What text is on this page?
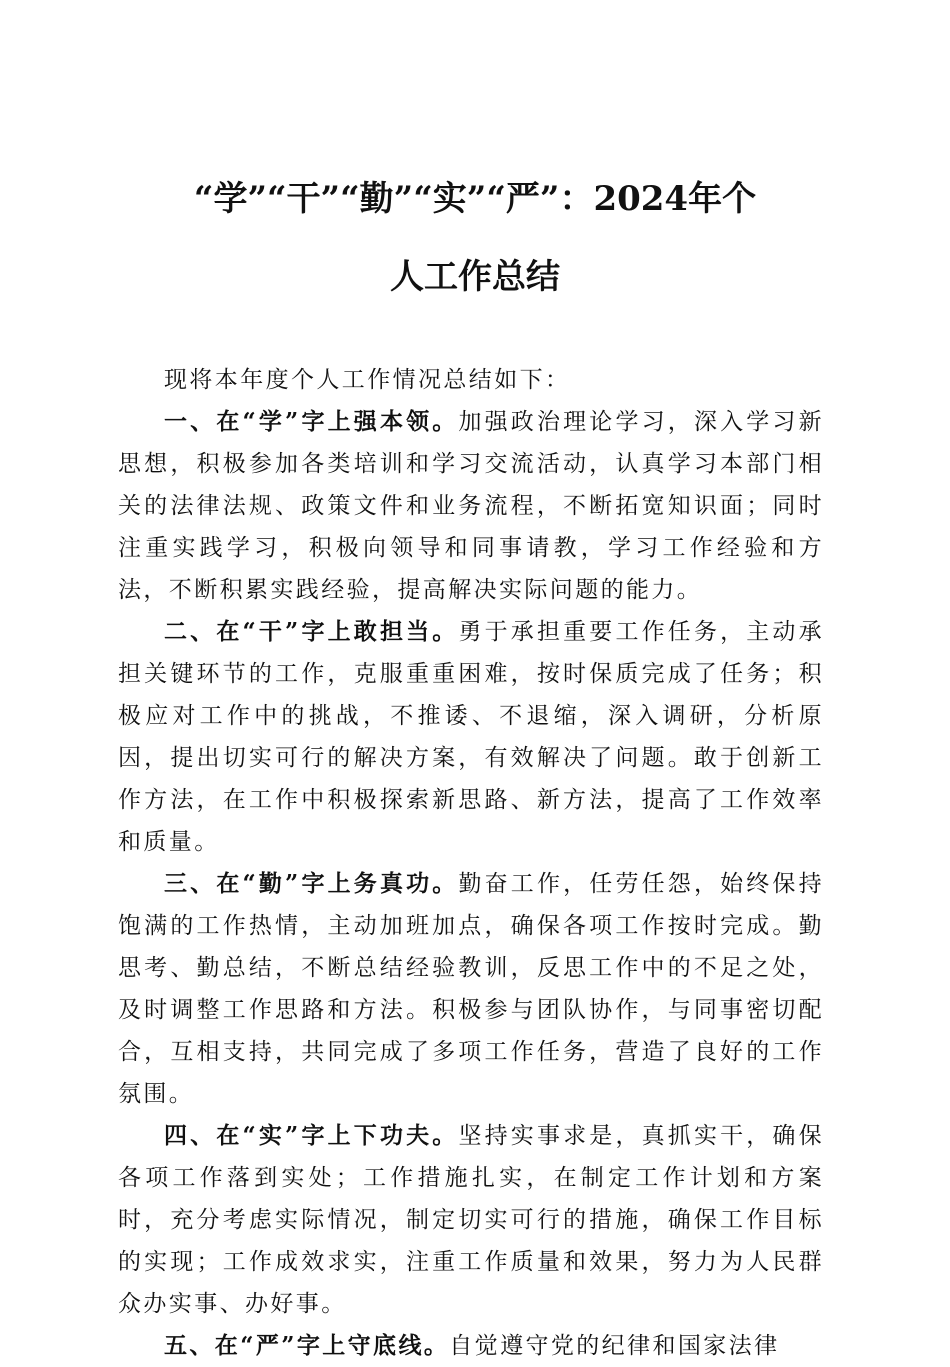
“学”“干”“勤”“实”“严”：2024年个
人工作总结

现将本年度个人工作情况总结如下：

一、在“学”字上强本领。加强政治理论学习，深入学习新思想，积极参加各类培训和学习交流活动，认真学习本部门相关的法律法规、政策文件和业务流程，不断拓宽知识面；同时注重实践学习，积极向领导和同事请教，学习工作经验和方法，不断积累实践经验，提高解决实际问题的能力。

二、在“干”字上敢担当。勇于承担重要工作任务，主动承担关键环节的工作，克服重重困难，按时保质完成了任务；积极应对工作中的挑战，不推诿、不退缩，深入调研，分析原因，提出切实可行的解决方案，有效解决了问题。敢于创新工作方法，在工作中积极探索新思路、新方法，提高了工作效率和质量。

三、在“勤”字上务真功。勤奋工作，任劳任怨，始终保持饱满的工作热情，主动加班加点，确保各项工作按时完成。勤思考、勤总结，不断总结经验教训，反思工作中的不足之处，及时调整工作思路和方法。积极参与团队协作，与同事密切配合，互相支持，共同完成了多项工作任务，营造了良好的工作氛围。

四、在“实”字上下功夫。坚持实事求是，真抓实干，确保各项工作落到实处；工作措施扎实，在制定工作计划和方案时，充分考虑实际情况，制定切实可行的措施，确保工作目标的实现；工作成效求实，注重工作质量和效果，努力为人民群众办实事、办好事。

五、在“严”字上守底线。自觉遵守党的纪律和国家法律
